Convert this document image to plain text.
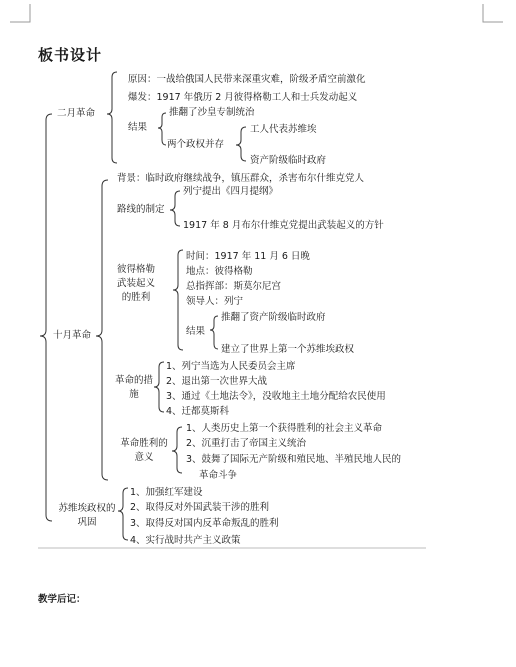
板书设计
二月革命
原因：一战给俄国人民带来深重灾难，阶级矛盾空前激化
爆发：1917 年俄历 2 月彼得格勒工人和士兵发动起义
结果
推翻了沙皇专制统治
两个政权并存
工人代表苏维埃
资产阶级临时政府
十月革命
背景：临时政府继续战争，镇压群众，杀害布尔什维克党人
路线的制定
列宁提出《四月提纲》
1917 年 8 月布尔什维克党提出武装起义的方针
彼得格勒武装起义的胜利
时间：1917 年 11 月 6 日晚
地点：彼得格勒
总指挥部：斯莫尔尼宫
领导人：列宁
结果
推翻了资产阶级临时政府
建立了世界上第一个苏维埃政权
革命的措施
1、列宁当选为人民委员会主席
2、退出第一次世界大战
3、通过《土地法令》，没收地主土地分配给农民使用
4、迁都莫斯科
革命胜利的意义
1、人类历史上第一个获得胜利的社会主义革命
2、沉重打击了帝国主义统治
3、鼓舞了国际无产阶级和殖民地、半殖民地人民的
革命斗争
苏维埃政权的巩固
1、加强红军建设
2、取得反对外国武装干涉的胜利
3、取得反对国内反革命叛乱的胜利
4、实行战时共产主义政策
教学后记：
